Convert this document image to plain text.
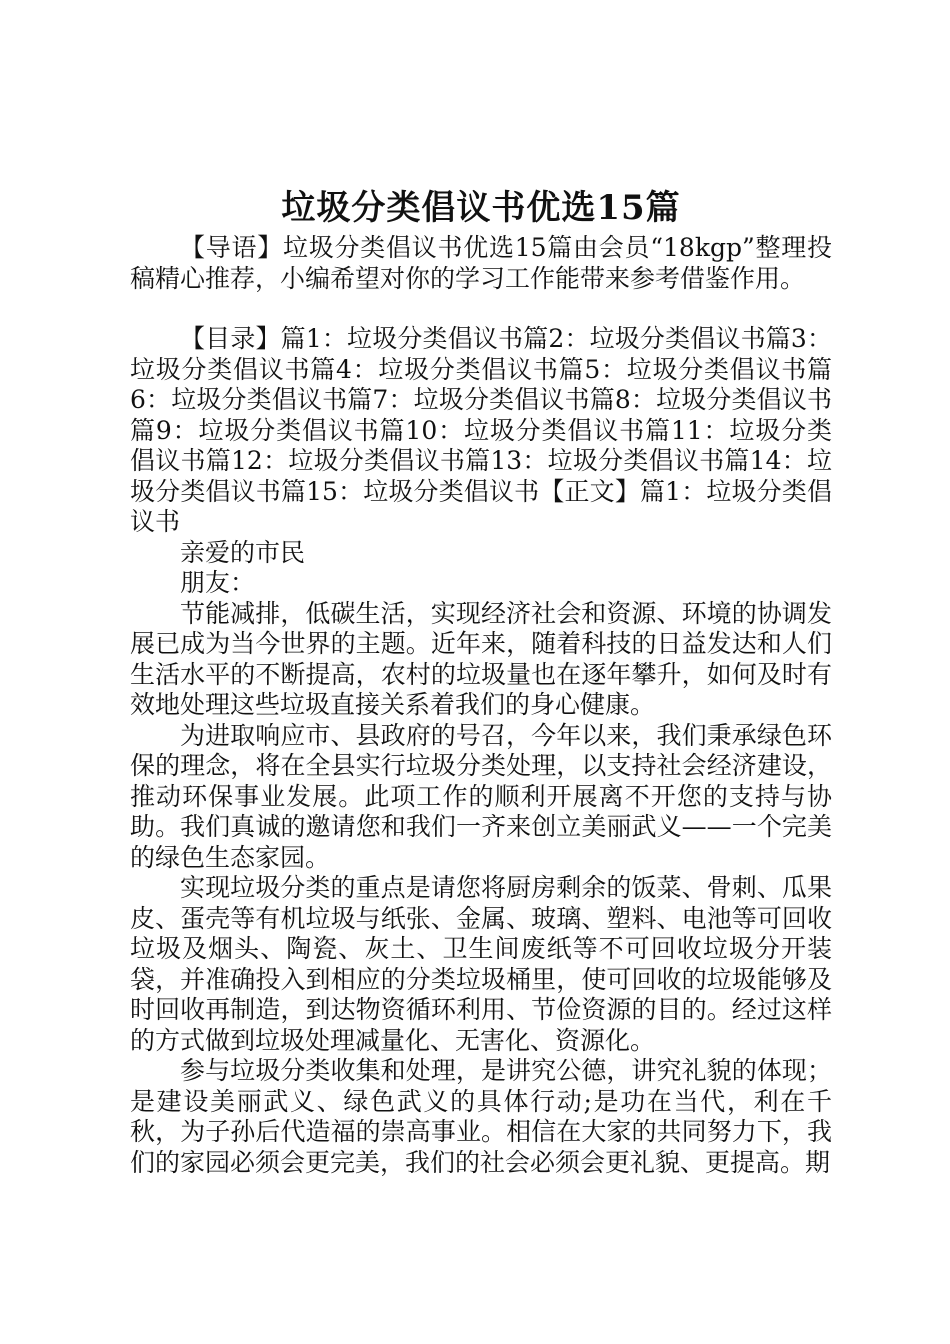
垃圾分类倡议书优选15篇

【导语】垃圾分类倡议书优选15篇由会员“18kgp”整理投稿精心推荐，小编希望对你的学习工作能带来参考借鉴作用。

【目录】篇1：垃圾分类倡议书篇2：垃圾分类倡议书篇3：垃圾分类倡议书篇4：垃圾分类倡议书篇5：垃圾分类倡议书篇6：垃圾分类倡议书篇7：垃圾分类倡议书篇8：垃圾分类倡议书篇9：垃圾分类倡议书篇10：垃圾分类倡议书篇11：垃圾分类倡议书篇12：垃圾分类倡议书篇13：垃圾分类倡议书篇14：垃圾分类倡议书篇15：垃圾分类倡议书【正文】篇1：垃圾分类倡议书

亲爱的市民

朋友：

节能减排，低碳生活，实现经济社会和资源、环境的协调发展已成为当今世界的主题。近年来，随着科技的日益发达和人们生活水平的不断提高，农村的垃圾量也在逐年攀升，如何及时有效地处理这些垃圾直接关系着我们的身心健康。

为进取响应市、县政府的号召，今年以来，我们秉承绿色环保的理念，将在全县实行垃圾分类处理，以支持社会经济建设，推动环保事业发展。此项工作的顺利开展离不开您的支持与协助。我们真诚的邀请您和我们一齐来创立美丽武义——一个完美的绿色生态家园。

实现垃圾分类的重点是请您将厨房剩余的饭菜、骨刺、瓜果皮、蛋壳等有机垃圾与纸张、金属、玻璃、塑料、电池等可回收垃圾及烟头、陶瓷、灰土、卫生间废纸等不可回收垃圾分开装袋，并准确投入到相应的分类垃圾桶里，使可回收的垃圾能够及时回收再制造，到达物资循环利用、节俭资源的目的。经过这样的方式做到垃圾处理减量化、无害化、资源化。

参与垃圾分类收集和处理，是讲究公德，讲究礼貌的体现；是建设美丽武义、绿色武义的具体行动;是功在当代，利在千秋，为子孙后代造福的崇高事业。相信在大家的共同努力下，我们的家园必须会更完美，我们的社会必须会更礼貌、更提高。期
